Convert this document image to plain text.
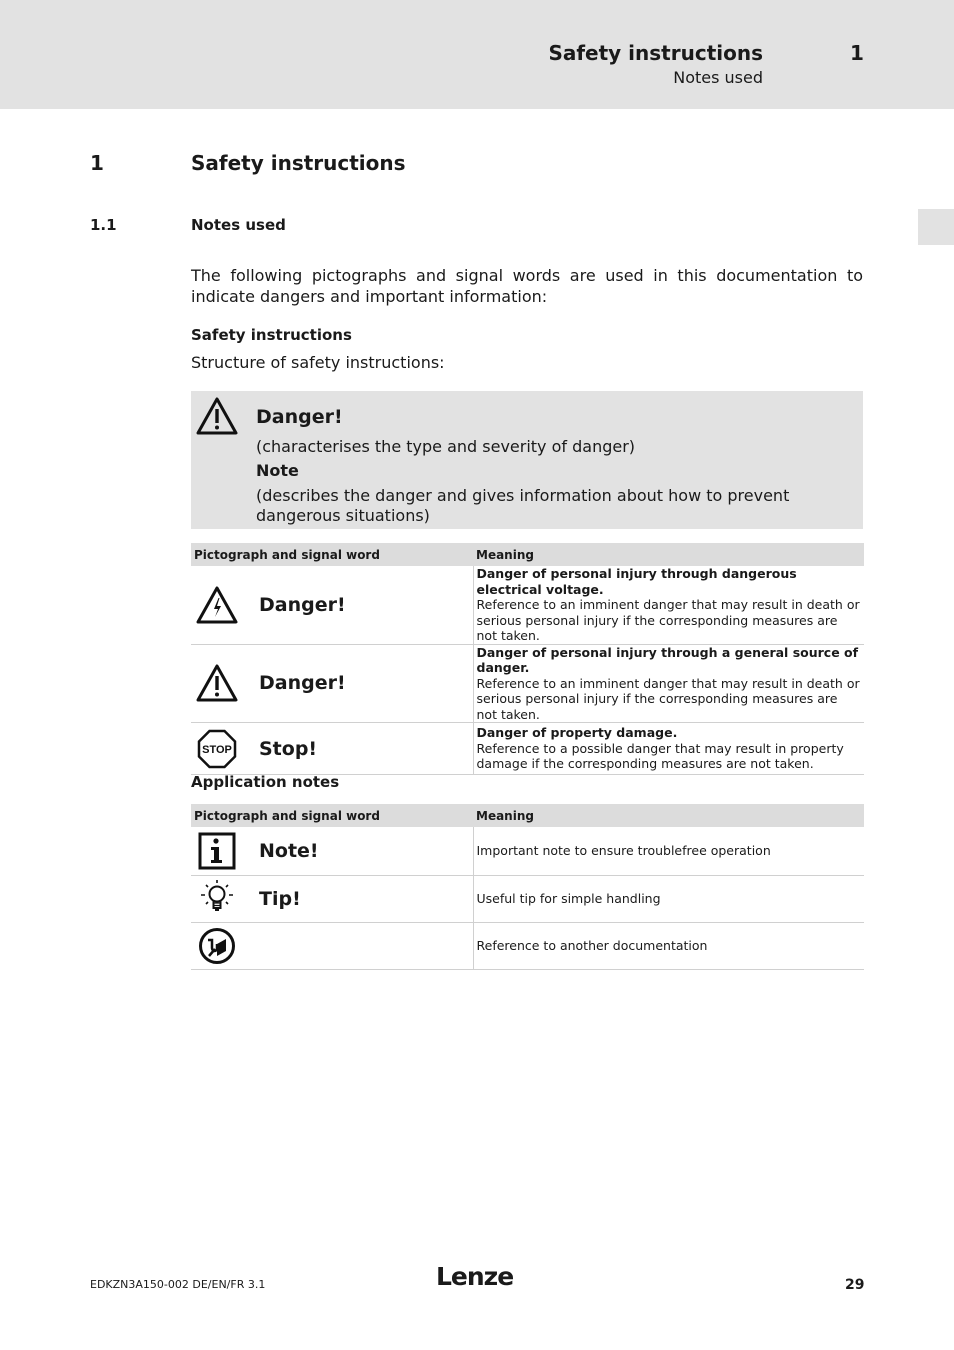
Safety instructions
Notes used
1
1	Safety instructions
1.1	Notes used
The following pictographs and signal words are used in this documentation to indicate dangers and important information:
Safety instructions
Structure of safety instructions:
Danger!
(characterises the type and severity of danger)
Note
(describes the danger and gives information about how to prevent dangerous situations)
Pictograph and signal word	Meaning

Danger!	Danger of personal injury through dangerous electrical voltage.
Reference to an imminent danger that may result in death or serious personal injury if the corresponding measures are not taken.

Danger!	Danger of personal injury through a general source of danger.
Reference to an imminent danger that may result in death or serious personal injury if the corresponding measures are not taken.

STOP Stop!	Danger of property damage.
Reference to a possible danger that may result in property damage if the corresponding measures are not taken.
Application notes
Pictograph and signal word	Meaning

Note!	Important note to ensure troublefree operation

Tip!	Useful tip for simple handling

	Reference to another documentation
EDKZN3A150-002 DE/EN/FR 3.1	Lenze	29
